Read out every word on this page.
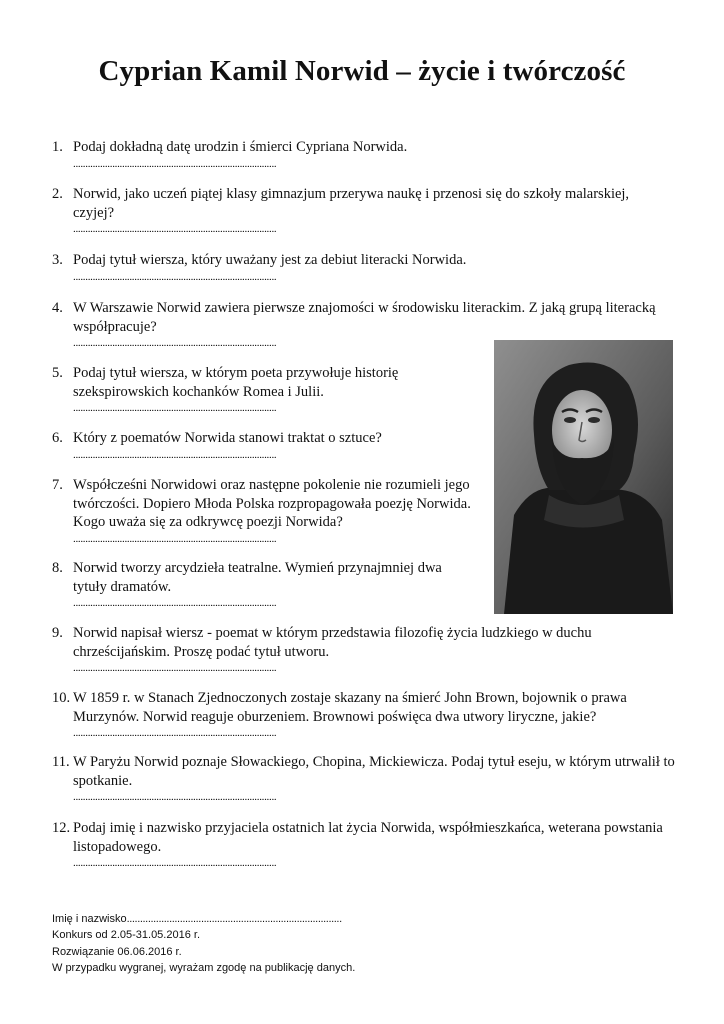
Cyprian Kamil Norwid – życie i twórczość
1. Podaj dokładną datę urodzin i śmierci Cypriana Norwida.
...................................................................................
2. Norwid, jako uczeń piątej klasy gimnazjum przerywa naukę i przenosi się do szkoły malarskiej, czyjej?
...................................................................................
3. Podaj tytuł wiersza, który uważany jest za debiut literacki Norwida.
...................................................................................
4. W Warszawie Norwid zawiera pierwsze znajomości w środowisku literackim. Z jaką grupą literacką współpracuje?
...................................................................................
5. Podaj tytuł wiersza, w którym poeta przywołuje historię szekspirowskich kochanków Romea i Julii.
...................................................................................
6. Który z poematów Norwida stanowi traktat o sztuce?
...................................................................................
7. Współcześni Norwidowi oraz następne pokolenie nie rozumieli jego twórczości. Dopiero Młoda Polska rozpropagowała poezję Norwida. Kogo uważa się za odkrywcę poezji Norwida?
...................................................................................
8. Norwid tworzy arcydzieła teatralne. Wymień przynajmniej dwa tytuły dramatów.
...................................................................................
9. Norwid napisał wiersz - poemat w którym przedstawia filozofię życia ludzkiego w duchu chrześcijańskim. Proszę podać tytuł utworu.
...................................................................................
10. W 1859 r. w Stanach Zjednoczonych zostaje skazany na śmierć John Brown, bojownik o prawa Murzynów. Norwid reaguje oburzeniem. Brownowi poświęca dwa utwory liryczne, jakie?
...................................................................................
11. W Paryżu Norwid poznaje Słowackiego, Chopina, Mickiewicza. Podaj tytuł eseju, w którym utrwalił to spotkanie.
...................................................................................
12. Podaj imię i nazwisko przyjaciela ostatnich lat życia Norwida, współmieszkańca, weterana powstania listopadowego.
...................................................................................
Imię i nazwisko.................................................................................
Konkurs od 2.05-31.05.2016 r.
Rozwiązanie 06.06.2016 r.
W przypadku wygranej, wyrażam zgodę na publikację danych.
